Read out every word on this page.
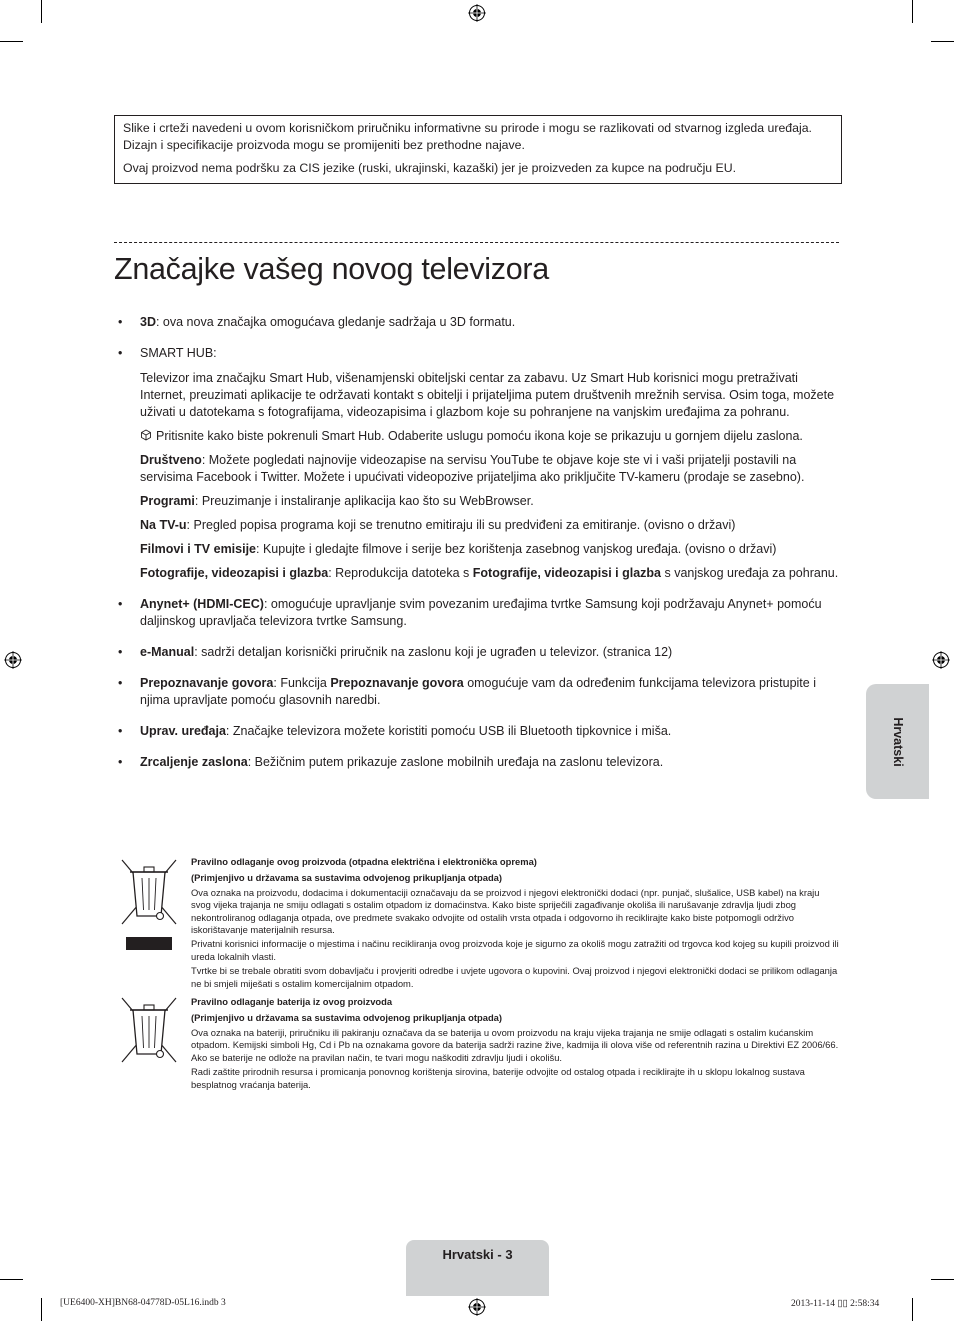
Slike i crteži navedeni u ovom korisničkom priručniku informativne su prirode i mogu se razlikovati od stvarnog izgleda uređaja. Dizajn i specifikacije proizvoda mogu se promijeniti bez prethodne najave.

Ovaj proizvod nema podršku za CIS jezike (ruski, ukrajinski, kazaški) jer je proizveden za kupce na području EU.

Značajke vašeg novog televizora
• 3D: ova nova značajka omogućava gledanje sadržaja u 3D formatu.
• SMART HUB:
Televizor ima značajku Smart Hub, višenamjenski obiteljski centar za zabavu. Uz Smart Hub korisnici mogu pretraživati Internet, preuzimati aplikacije te održavati kontakt s obitelji i prijateljima putem društvenih mrežnih servisa. Osim toga, možete uživati u datotekama s fotografijama, videozapisima i glazbom koje su pohranjene na vanjskim uređajima za pohranu.
Pritisnite kako biste pokrenuli Smart Hub. Odaberite uslugu pomoću ikona koje se prikazuju u gornjem dijelu zaslona.
Društveno: Možete pogledati najnovije videozapise na servisu YouTube te objave koje ste vi i vaši prijatelji postavili na servisima Facebook i Twitter. Možete i upućivati videopozive prijateljima ako priključite TV-kameru (prodaje se zasebno).
Programi: Preuzimanje i instaliranje aplikacija kao što su WebBrowser.
Na TV-u: Pregled popisa programa koji se trenutno emitiraju ili su predviđeni za emitiranje. (ovisno o državi)
Filmovi i TV emisije: Kupujte i gledajte filmove i serije bez korištenja zasebnog vanjskog uređaja. (ovisno o državi)
Fotografije, videozapisi i glazba: Reprodukcija datoteka s Fotografije, videozapisi i glazba s vanjskog uređaja za pohranu.
• Anynet+ (HDMI-CEC): omogućuje upravljanje svim povezanim uređajima tvrtke Samsung koji podržavaju Anynet+ pomoću daljinskog upravljača televizora tvrtke Samsung.
• e-Manual: sadrži detaljan korisnički priručnik na zaslonu koji je ugrađen u televizor. (stranica 12)
• Prepoznavanje govora: Funkcija Prepoznavanje govora omogućuje vam da određenim funkcijama televizora pristupite i njima upravljate pomoću glasovnih naredbi.
• Uprav. uređaja: Značajke televizora možete koristiti pomoću USB ili Bluetooth tipkovnice i miša.
• Zrcaljenje zaslona: Bežičnim putem prikazuje zaslone mobilnih uređaja na zaslonu televizora.

Pravilno odlaganje ovog proizvoda (otpadna električna i elektronička oprema)

(Primjenjivo u državama sa sustavima odvojenog prikupljanja otpada)

Ova oznaka na proizvodu, dodacima i dokumentaciji označavaju da se proizvod i njegovi elektronički dodaci (npr. punjač, slušalice, USB kabel) na kraju svog vijeka trajanja ne smiju odlagati s ostalim otpadom iz domaćinstva. Kako biste spriječili zagađivanje okoliša ili narušavanje zdravlja ljudi zbog nekontroliranog odlaganja otpada, ove predmete svakako odvojite od ostalih vrsta otpada i odgovorno ih reciklirajte kako biste potpomogli održivo iskorištavanje materijalnih resursa.

Privatni korisnici informacije o mjestima i načinu recikliranja ovog proizvoda koje je sigurno za okoliš mogu zatražiti od trgovca kod kojeg su kupili proizvod ili ureda lokalnih vlasti.

Tvrtke bi se trebale obratiti svom dobavljaču i provjeriti odredbe i uvjete ugovora o kupovini. Ovaj proizvod i njegovi elektronički dodaci se prilikom odlaganja ne bi smjeli miješati s ostalim komercijalnim otpadom.

Pravilno odlaganje baterija iz ovog proizvoda

(Primjenjivo u državama sa sustavima odvojenog prikupljanja otpada)

Ova oznaka na bateriji, priručniku ili pakiranju označava da se baterija u ovom proizvodu na kraju vijeka trajanja ne smije odlagati s ostalim kućanskim otpadom. Kemijski simboli Hg, Cd i Pb na oznakama govore da baterija sadrži razine žive, kadmija ili olova više od referentnih razina u Direktivi EZ 2006/66. Ako se baterije ne odlože na pravilan način, te tvari mogu naškoditi zdravlju ljudi i okolišu.

Radi zaštite prirodnih resursa i promicanja ponovnog korištenja sirovina, baterije odvojite od ostalog otpada i reciklirajte ih u sklopu lokalnog sustava besplatnog vraćanja baterija.

Hrvatski
Hrvatski - 3
[UE6400-XH]BN68-04778D-05L16.indb 3	2013-11-14 ▯▯ 2:58:34
